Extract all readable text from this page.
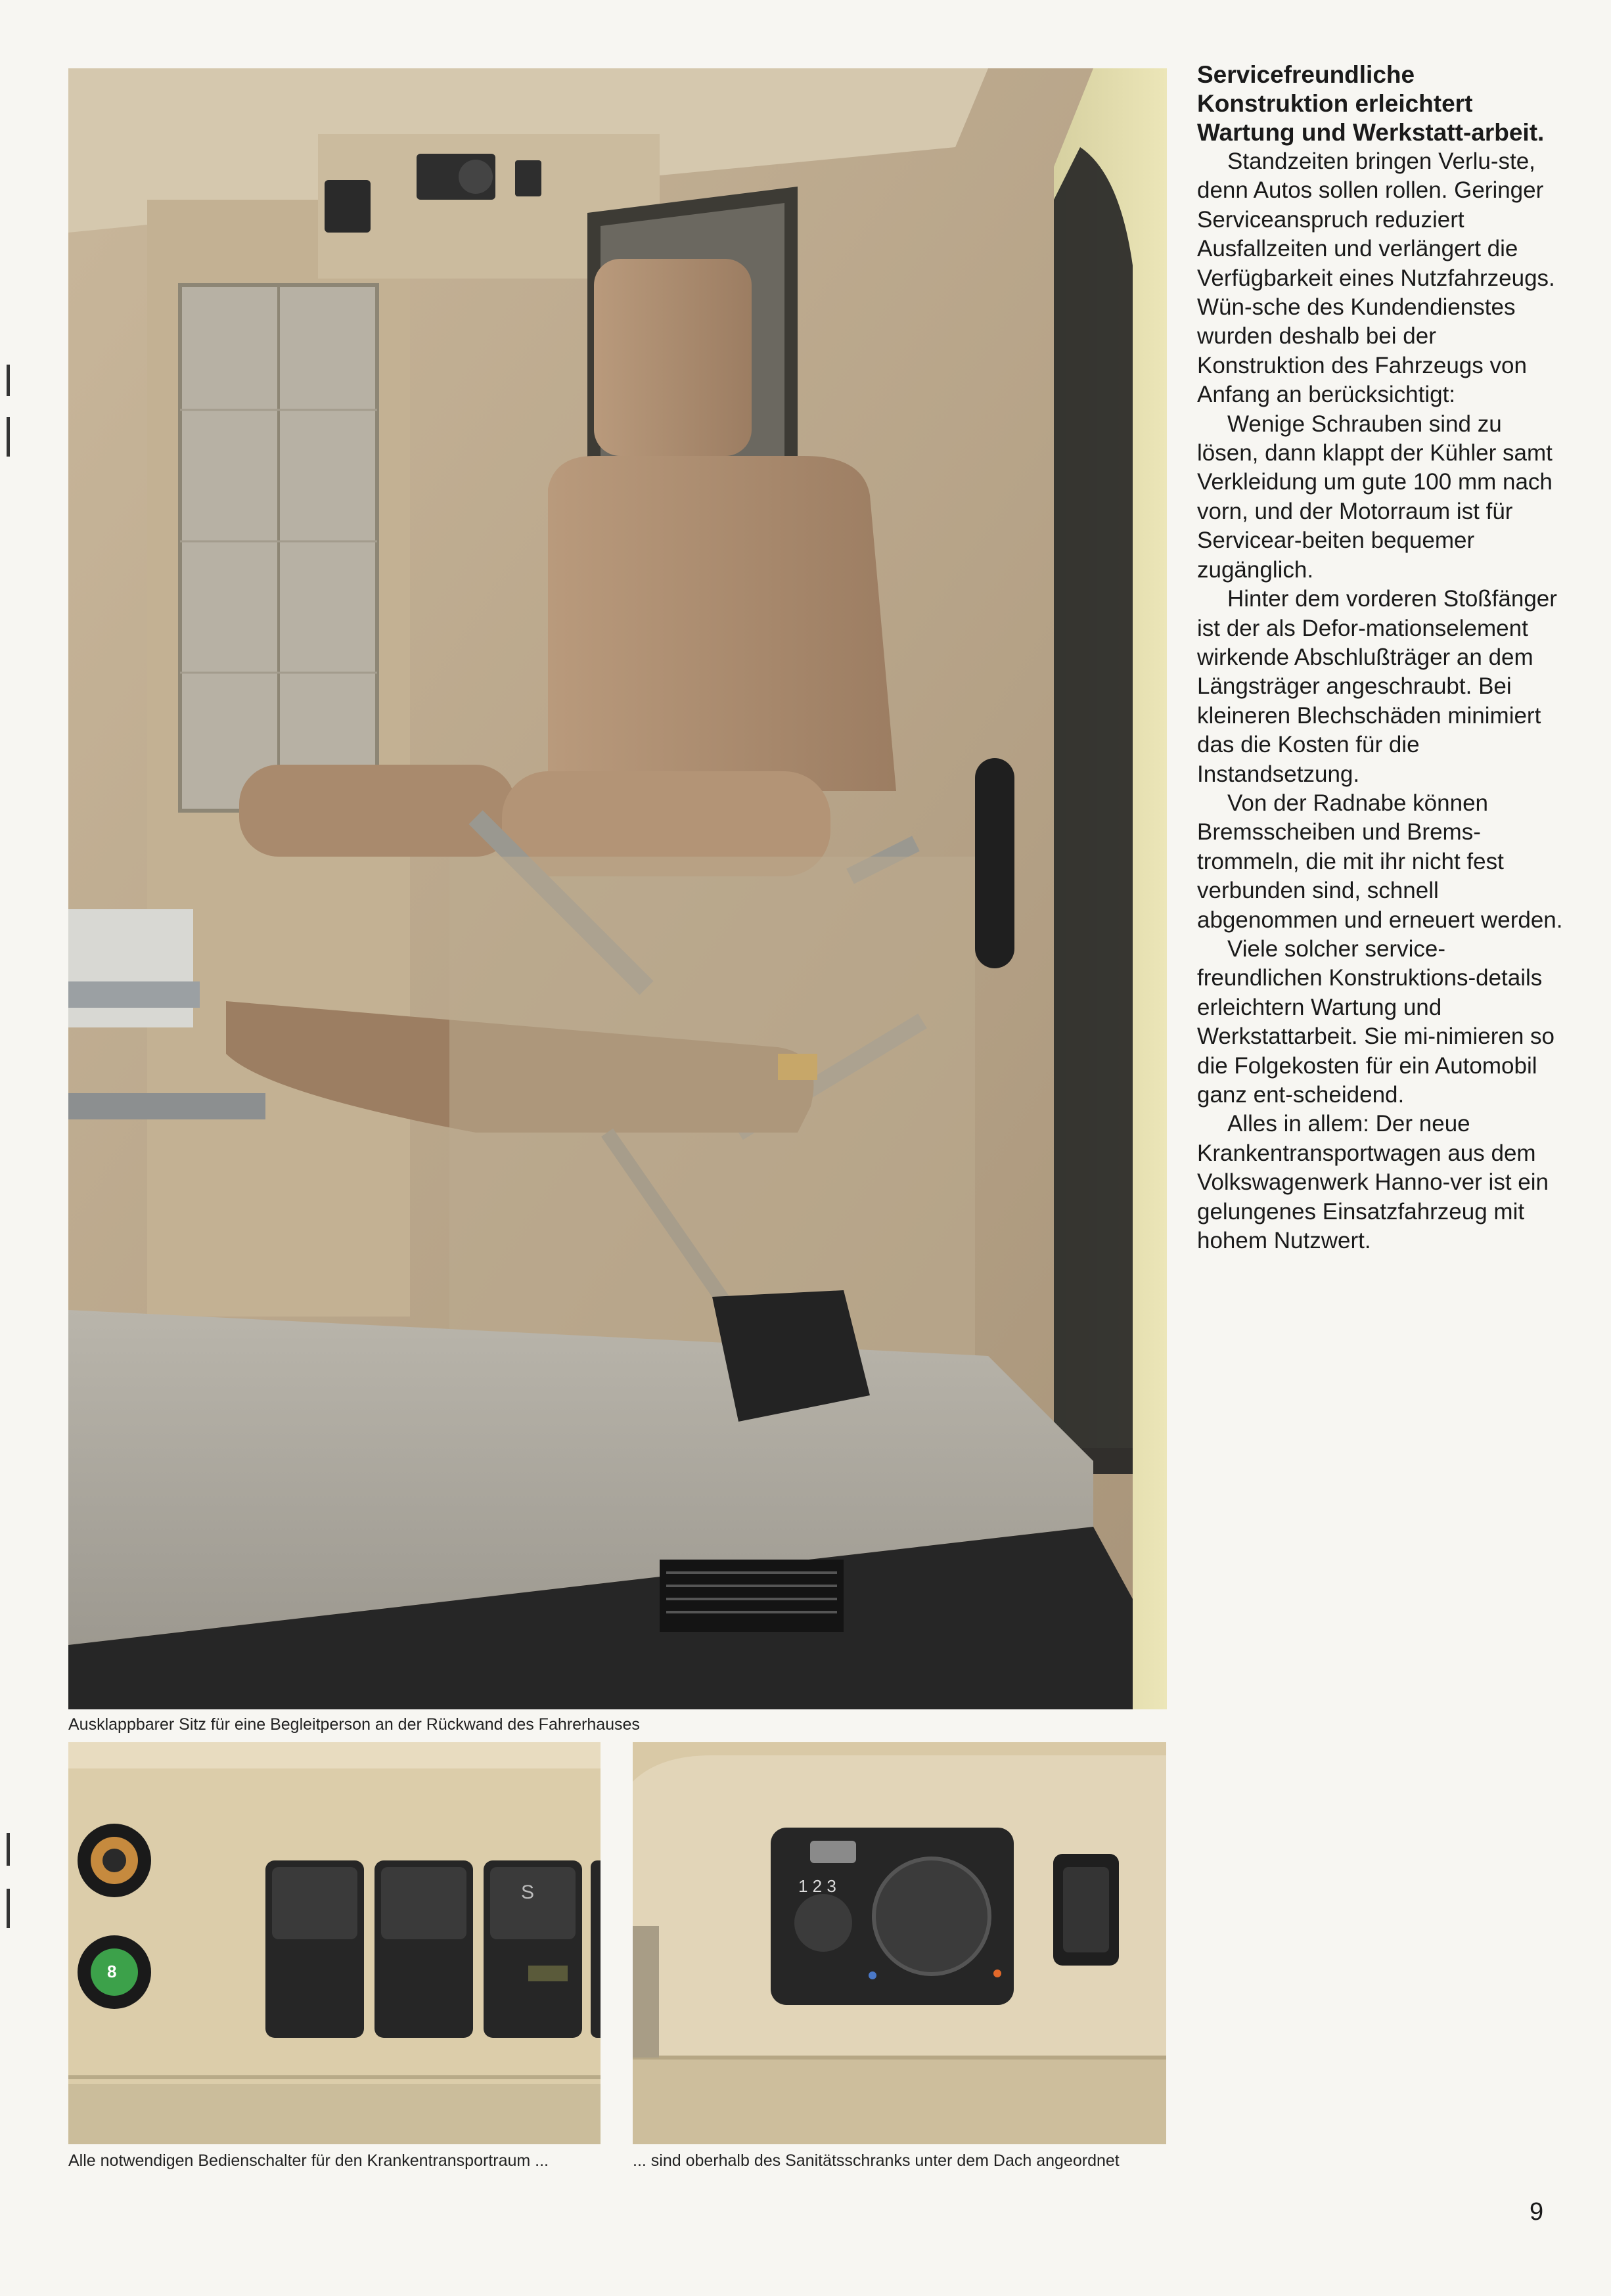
Ausklappbarer Sitz für eine Begleitperson an der Rückwand des Fahrerhauses
8
S
Alle notwendigen Bedienschalter für den Krankentransportraum ...
1 2 3
... sind oberhalb des Sanitätsschranks unter dem Dach angeordnet

Servicefreundliche Konstruktion erleichtert Wartung und Werkstatt-arbeit.

Standzeiten bringen Verlu-ste, denn Autos sollen rollen. Geringer Serviceanspruch reduziert Ausfallzeiten und verlängert die Verfügbarkeit eines Nutzfahrzeugs. Wün-sche des Kundendienstes wurden deshalb bei der Konstruktion des Fahrzeugs von Anfang an berücksichtigt:

Wenige Schrauben sind zu lösen, dann klappt der Kühler samt Verkleidung um gute 100 mm nach vorn, und der Motorraum ist für Servicear-beiten bequemer zugänglich.

Hinter dem vorderen Stoßfänger ist der als Defor-mationselement wirkende Abschlußträger an dem Längsträger angeschraubt. Bei kleineren Blechschäden minimiert das die Kosten für die Instandsetzung.

Von der Radnabe können Bremsscheiben und Brems-trommeln, die mit ihr nicht fest verbunden sind, schnell abgenommen und erneuert werden.

Viele solcher service-freundlichen Konstruktions-details erleichtern Wartung und Werkstattarbeit. Sie mi-nimieren so die Folgekosten für ein Automobil ganz ent-scheidend.

Alles in allem: Der neue Krankentransportwagen aus dem Volkswagenwerk Hanno-ver ist ein gelungenes Einsatzfahrzeug mit hohem Nutzwert.

9
